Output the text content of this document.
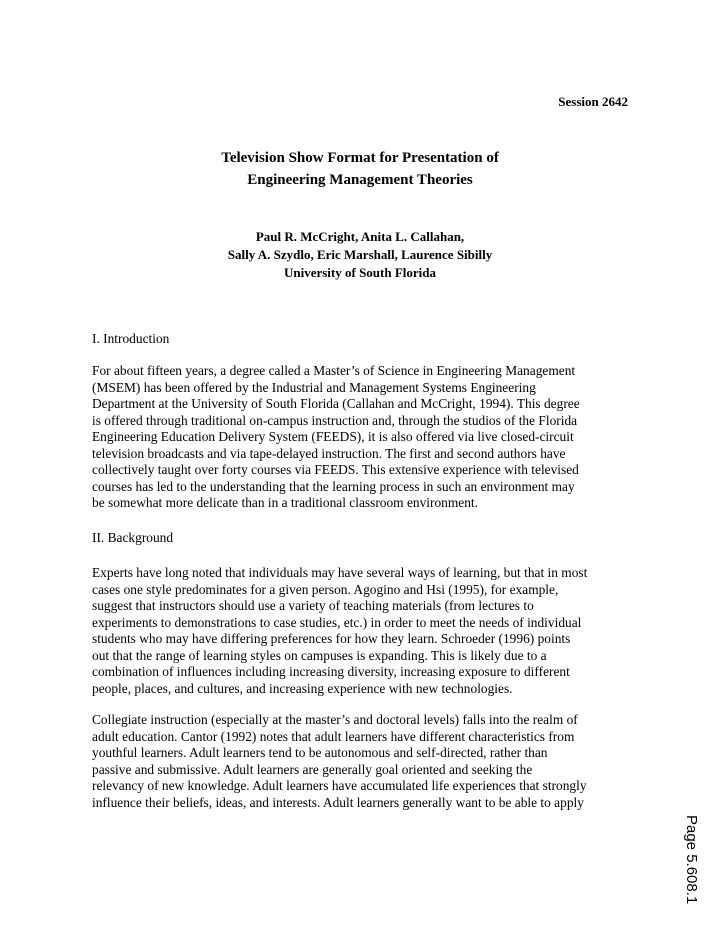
Session 2642
Television Show Format for Presentation of
Engineering Management Theories
Paul R. McCright, Anita L. Callahan,
Sally A. Szydlo, Eric Marshall, Laurence Sibilly
University of South Florida
I. Introduction
For about fifteen years, a degree called a Master’s of Science in Engineering Management
(MSEM) has been offered by the Industrial and Management Systems Engineering
Department at the University of South Florida (Callahan and McCright, 1994). This degree
is offered through traditional on-campus instruction and, through the studios of the Florida
Engineering Education Delivery System (FEEDS), it is also offered via live closed-circuit
television broadcasts and via tape-delayed instruction. The first and second authors have
collectively taught over forty courses via FEEDS. This extensive experience with televised
courses has led to the understanding that the learning process in such an environment may
be somewhat more delicate than in a traditional classroom environment.
II. Background
Experts have long noted that individuals may have several ways of learning, but that in most
cases one style predominates for a given person. Agogino and Hsi (1995), for example,
suggest that instructors should use a variety of teaching materials (from lectures to
experiments to demonstrations to case studies, etc.) in order to meet the needs of individual
students who may have differing preferences for how they learn. Schroeder (1996) points
out that the range of learning styles on campuses is expanding. This is likely due to a
combination of influences including increasing diversity, increasing exposure to different
people, places, and cultures, and increasing experience with new technologies.
Collegiate instruction (especially at the master’s and doctoral levels) falls into the realm of
adult education. Cantor (1992) notes that adult learners have different characteristics from
youthful learners. Adult learners tend to be autonomous and self-directed, rather than
passive and submissive. Adult learners are generally goal oriented and seeking the
relevancy of new knowledge. Adult learners have accumulated life experiences that strongly
influence their beliefs, ideas, and interests. Adult learners generally want to be able to apply
Page 5.608.1
